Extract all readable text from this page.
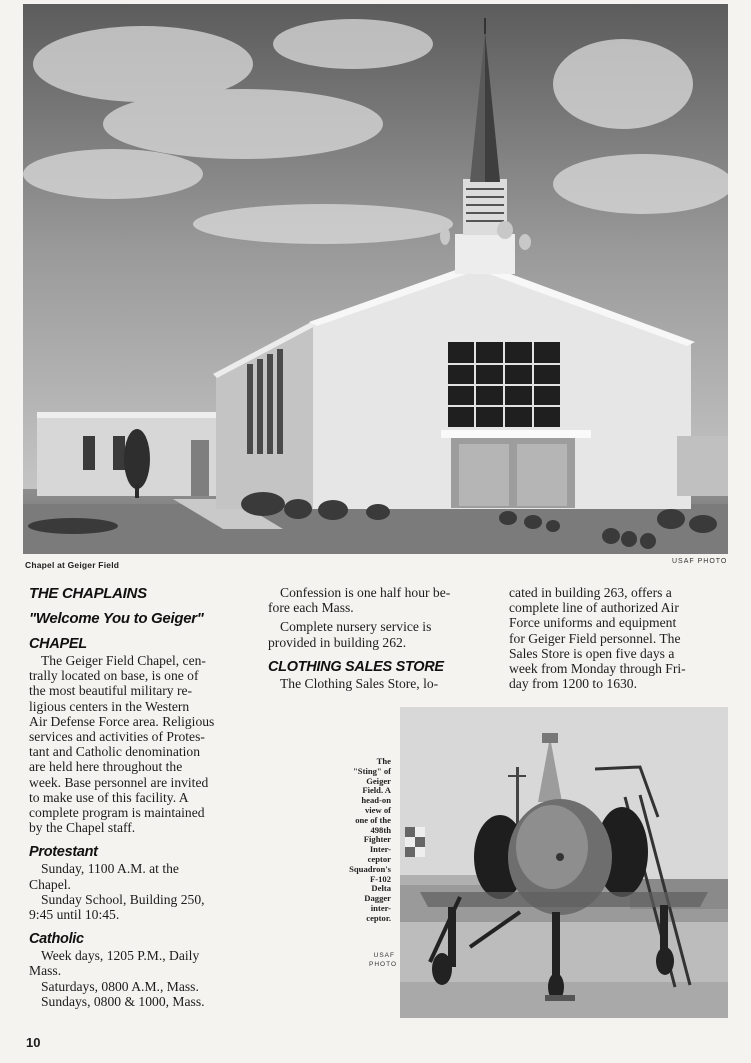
Chapel at Geiger Field	USAF PHOTO
THE CHAPLAINS
"Welcome You to Geiger"
CHAPEL
The Geiger Field Chapel, cen-
trally located on base, is one of
the most beautiful military re-
ligious centers in the Western
Air Defense Force area. Religious
services and activities of Protes-
tant and Catholic denomination
are held here throughout the
week. Base personnel are invited
to make use of this facility. A
complete program is maintained
by the Chapel staff.
Protestant
Sunday, 1100 A.M. at the
Chapel.
Sunday School, Building 250,
9:45 until 10:45.
Catholic
Week days, 1205 P.M., Daily
Mass.
Saturdays, 0800 A.M., Mass.
Sundays, 0800 & 1000, Mass.
Confession is one half hour be-
fore each Mass.
Complete nursery service is
provided in building 262.
CLOTHING SALES STORE
The Clothing Sales Store, lo-
cated in building 263, offers a
complete line of authorized Air
Force uniforms and equipment
for Geiger Field personnel. The
Sales Store is open five days a
week from Monday through Fri-
day from 1200 to 1630.
The
"Sting" of
Geiger
Field. A
head-on
view of
one of the
498th
Fighter
Inter-
ceptor
Squadron's
F-102
Delta
Dagger
inter-
ceptor.
USAF
PHOTO
10
